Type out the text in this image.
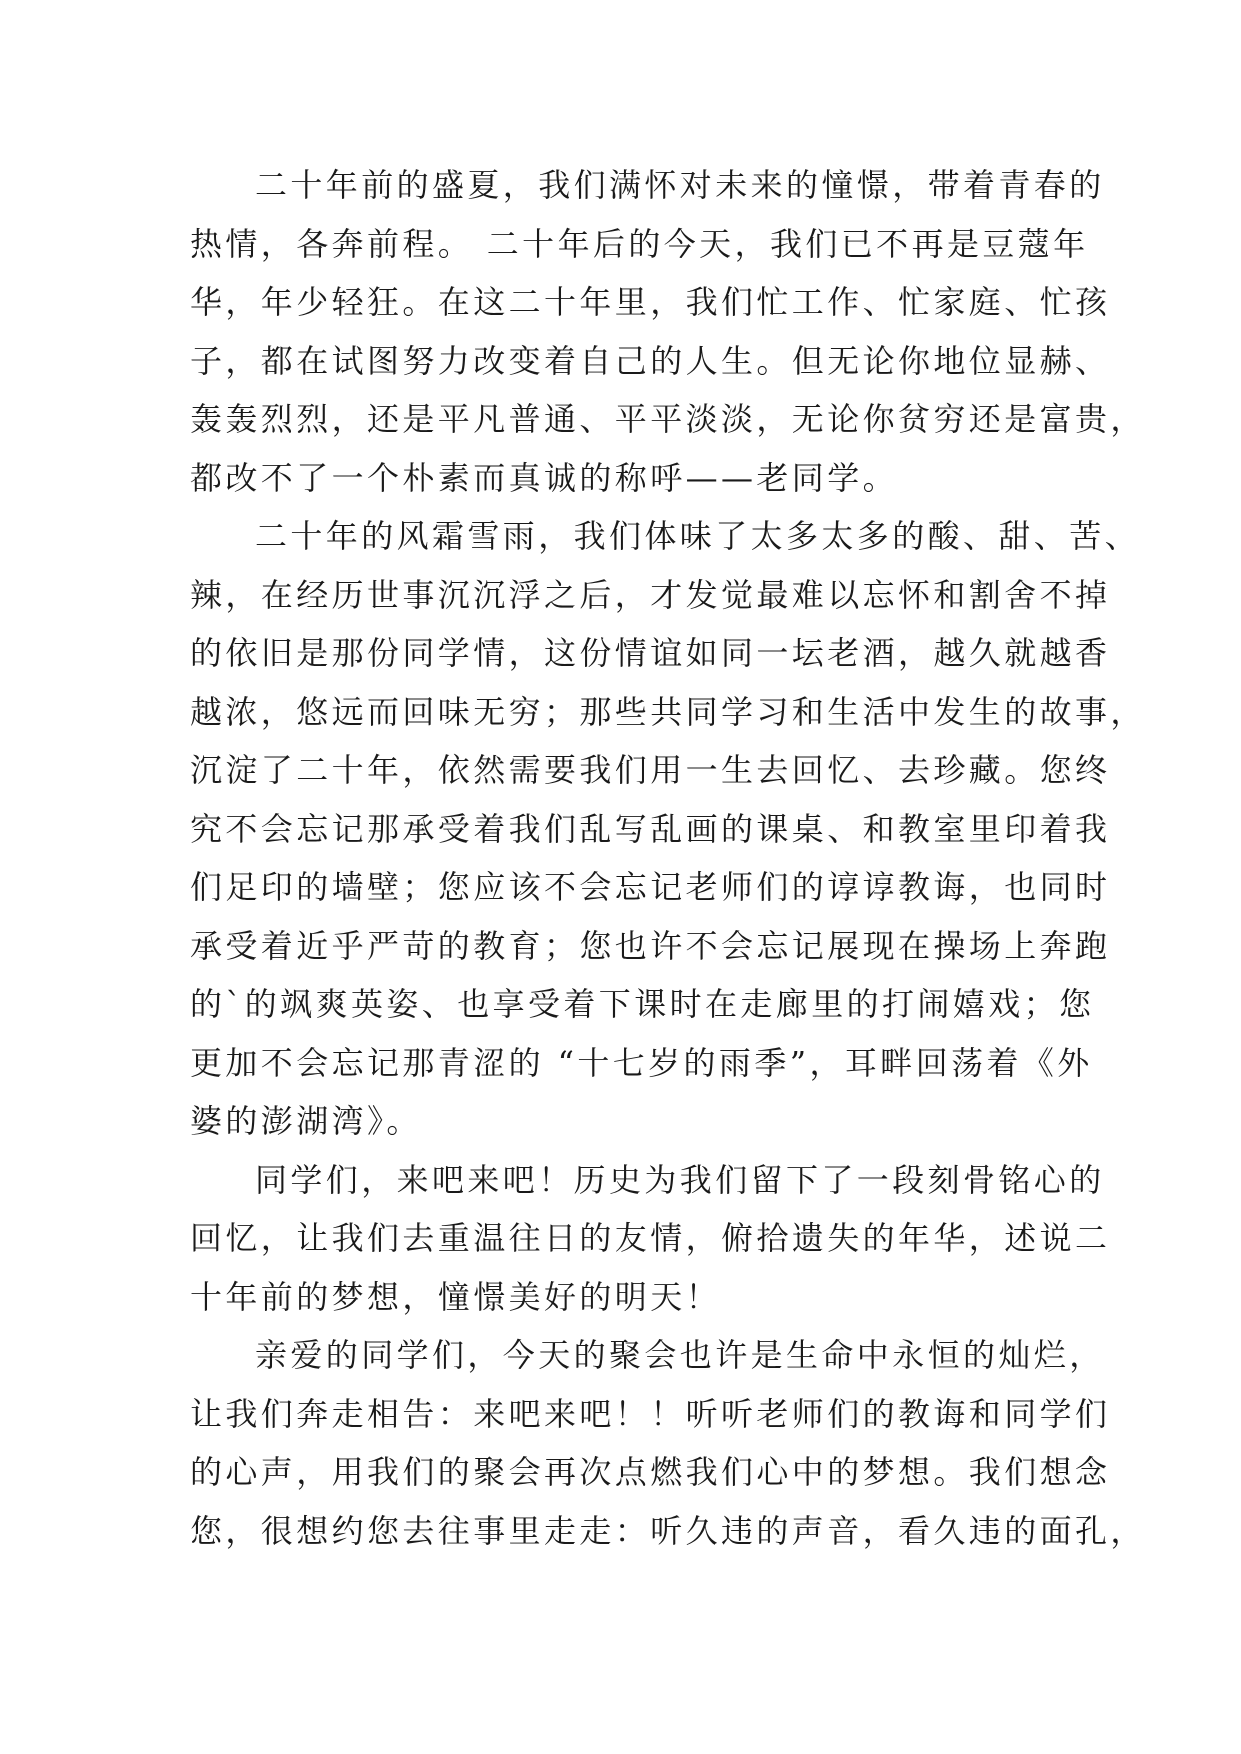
二十年前的盛夏，我们满怀对未来的憧憬，带着青春的
热情，各奔前程。 二十年后的今天，我们已不再是豆蔻年
华，年少轻狂。在这二十年里，我们忙工作、忙家庭、忙孩
子，都在试图努力改变着自己的人生。但无论你地位显赫、
轰轰烈烈，还是平凡普通、平平淡淡，无论你贫穷还是富贵，
都改不了一个朴素而真诚的称呼——老同学。
二十年的风霜雪雨，我们体味了太多太多的酸、甜、苦、
辣，在经历世事沉沉浮之后，才发觉最难以忘怀和割舍不掉
的依旧是那份同学情，这份情谊如同一坛老酒，越久就越香
越浓，悠远而回味无穷；那些共同学习和生活中发生的故事，
沉淀了二十年，依然需要我们用一生去回忆、去珍藏。您终
究不会忘记那承受着我们乱写乱画的课桌、和教室里印着我
们足印的墙壁；您应该不会忘记老师们的谆谆教诲，也同时
承受着近乎严苛的教育；您也许不会忘记展现在操场上奔跑
的`的飒爽英姿、也享受着下课时在走廊里的打闹嬉戏；您
更加不会忘记那青涩的 “十七岁的雨季”，耳畔回荡着《外
婆的澎湖湾》。
同学们，来吧来吧！历史为我们留下了一段刻骨铭心的
回忆，让我们去重温往日的友情，俯拾遗失的年华，述说二
十年前的梦想，憧憬美好的明天！
亲爱的同学们，今天的聚会也许是生命中永恒的灿烂，
让我们奔走相告：来吧来吧！！听听老师们的教诲和同学们
的心声，用我们的聚会再次点燃我们心中的梦想。我们想念
您，很想约您去往事里走走：听久违的声音，看久违的面孔，
